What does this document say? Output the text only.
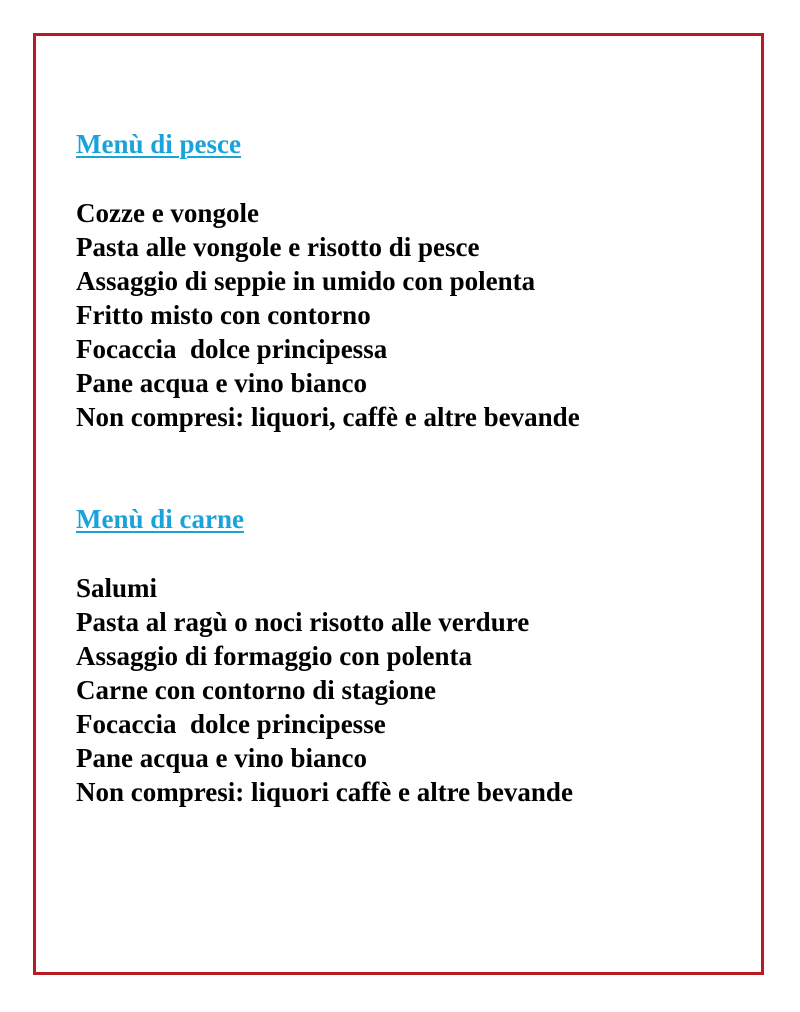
Menù di pesce
Cozze e vongole
Pasta alle vongole e risotto di pesce
Assaggio di seppie in umido con polenta
Fritto misto con contorno
Focaccia  dolce principessa
Pane acqua e vino bianco
Non compresi: liquori, caffè e altre bevande
Menù di carne
Salumi
Pasta al ragù o noci risotto alle verdure
Assaggio di formaggio con polenta
Carne con contorno di stagione
Focaccia  dolce principesse
Pane acqua e vino bianco
Non compresi: liquori caffè e altre bevande
